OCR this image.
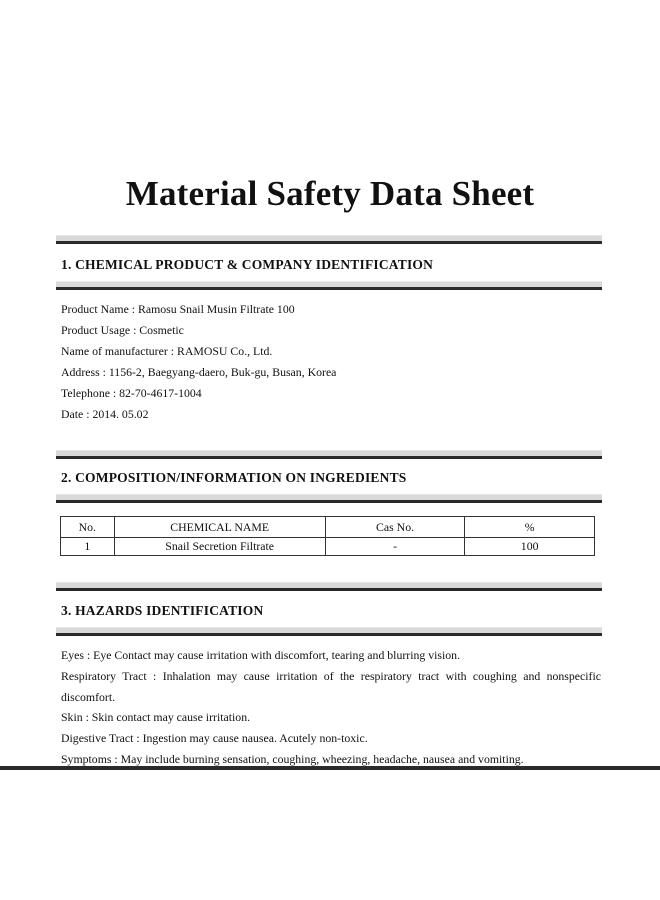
Material Safety Data Sheet
1. CHEMICAL PRODUCT & COMPANY IDENTIFICATION
Product Name : Ramosu Snail Musin Filtrate 100
Product Usage : Cosmetic
Name of manufacturer : RAMOSU Co., Ltd.
Address : 1156-2, Baegyang-daero, Buk-gu, Busan, Korea
Telephone : 82-70-4617-1004
Date : 2014. 05.02
2. COMPOSITION/INFORMATION ON INGREDIENTS
No.	CHEMICAL NAME	Cas No.	%
1	Snail Secretion Filtrate	-	100
3. HAZARDS IDENTIFICATION
Eyes : Eye Contact may cause irritation with discomfort, tearing and blurring vision.
Respiratory Tract : Inhalation may cause irritation of the respiratory tract with coughing and nonspecific discomfort.
Skin : Skin contact may cause irritation.
Digestive Tract : Ingestion may cause nausea. Acutely non-toxic.
Symptoms : May include burning sensation, coughing, wheezing, headache, nausea and vomiting.
